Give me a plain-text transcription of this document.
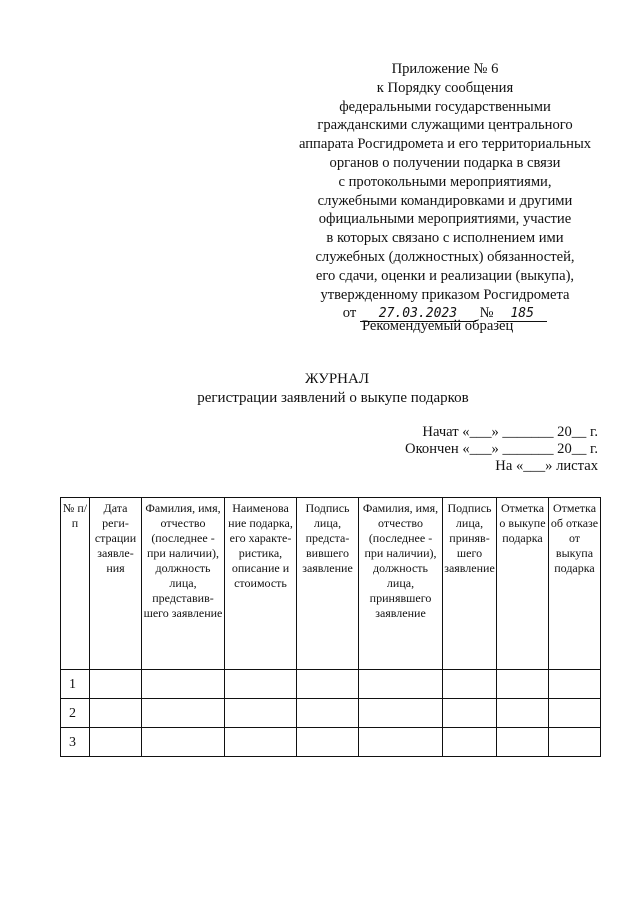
Приложение № 6
к Порядку сообщения
федеральными государственными
гражданскими служащими центрального
аппарата Росгидромета и его территориальных
органов о получении подарка в связи
с протокольными мероприятиями,
служебными командировками и другими
официальными мероприятиями, участие
в которых связано с исполнением ими
служебных (должностных) обязанностей,
его сдачи, оценки и реализации (выкупа),
утвержденному приказом Росгидромета
от 27.03.2023 № 185
Рекомендуемый образец
ЖУРНАЛ
регистрации заявлений о выкупе подарков
Начат «___» _______ 20__ г.
Окончен «___» _______ 20__ г.
На «___» листах
№ п/п	Дата реги-страции заявле-ния	Фамилия, имя, отчество (последнее - при наличии), должность лица, представив-шего заявление	Наименова ние подарка, его характе-ристика, описание и стоимость	Подпись лица, предста-вившего заявление	Фамилия, имя, отчество (последнее - при наличии), должность лица, принявшего заявление	Подпись лица, приняв-шего заявление	Отметка о выкупе подарка	Отметка об отказе от выкупа подарка
1								
2								
3								
